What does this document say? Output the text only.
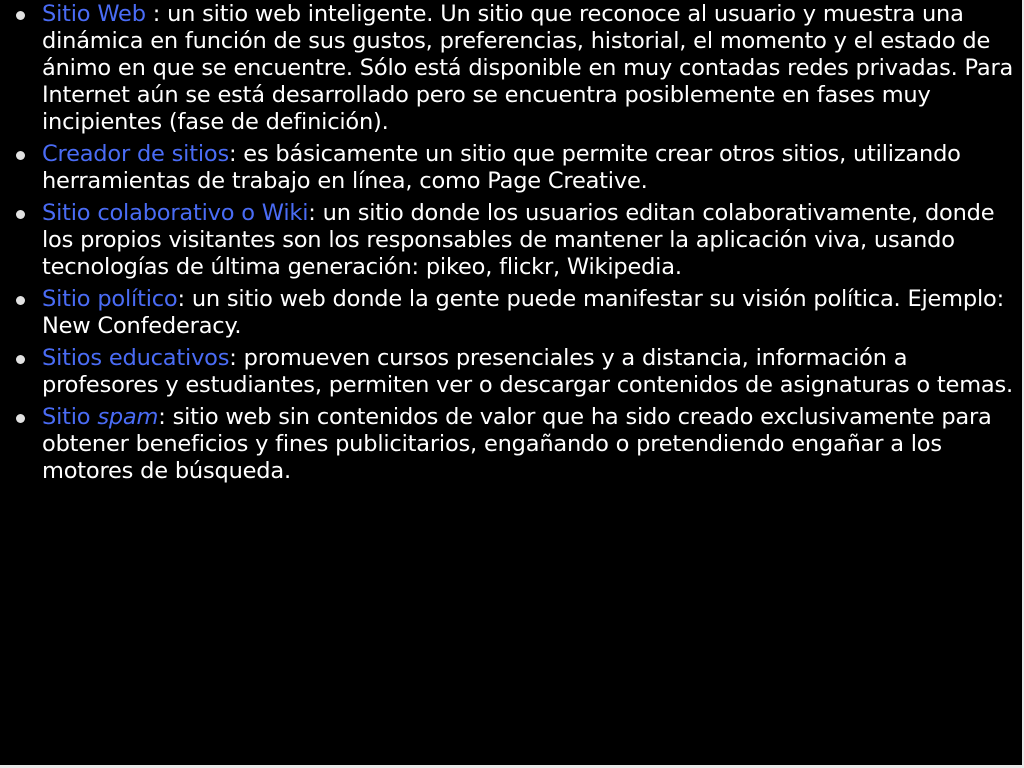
Sitio Web : un sitio web inteligente. Un sitio que reconoce al usuario y muestra una dinámica en función de sus gustos, preferencias, historial, el momento y el estado de ánimo en que se encuentre. Sólo está disponible en muy contadas redes privadas. Para Internet aún se está desarrollado pero se encuentra posiblemente en fases muy incipientes (fase de definición).
Creador de sitios: es básicamente un sitio que permite crear otros sitios, utilizando herramientas de trabajo en línea, como Page Creative.
Sitio colaborativo o Wiki: un sitio donde los usuarios editan colaborativamente, donde los propios visitantes son los responsables de mantener la aplicación viva, usando tecnologías de última generación: pikeo, flickr, Wikipedia.
Sitio político: un sitio web donde la gente puede manifestar su visión política. Ejemplo: New Confederacy.
Sitios educativos: promueven cursos presenciales y a distancia, información a profesores y estudiantes, permiten ver o descargar contenidos de asignaturas o temas.
Sitio spam: sitio web sin contenidos de valor que ha sido creado exclusivamente para obtener beneficios y fines publicitarios, engañando o pretendiendo engañar a los motores de búsqueda.
